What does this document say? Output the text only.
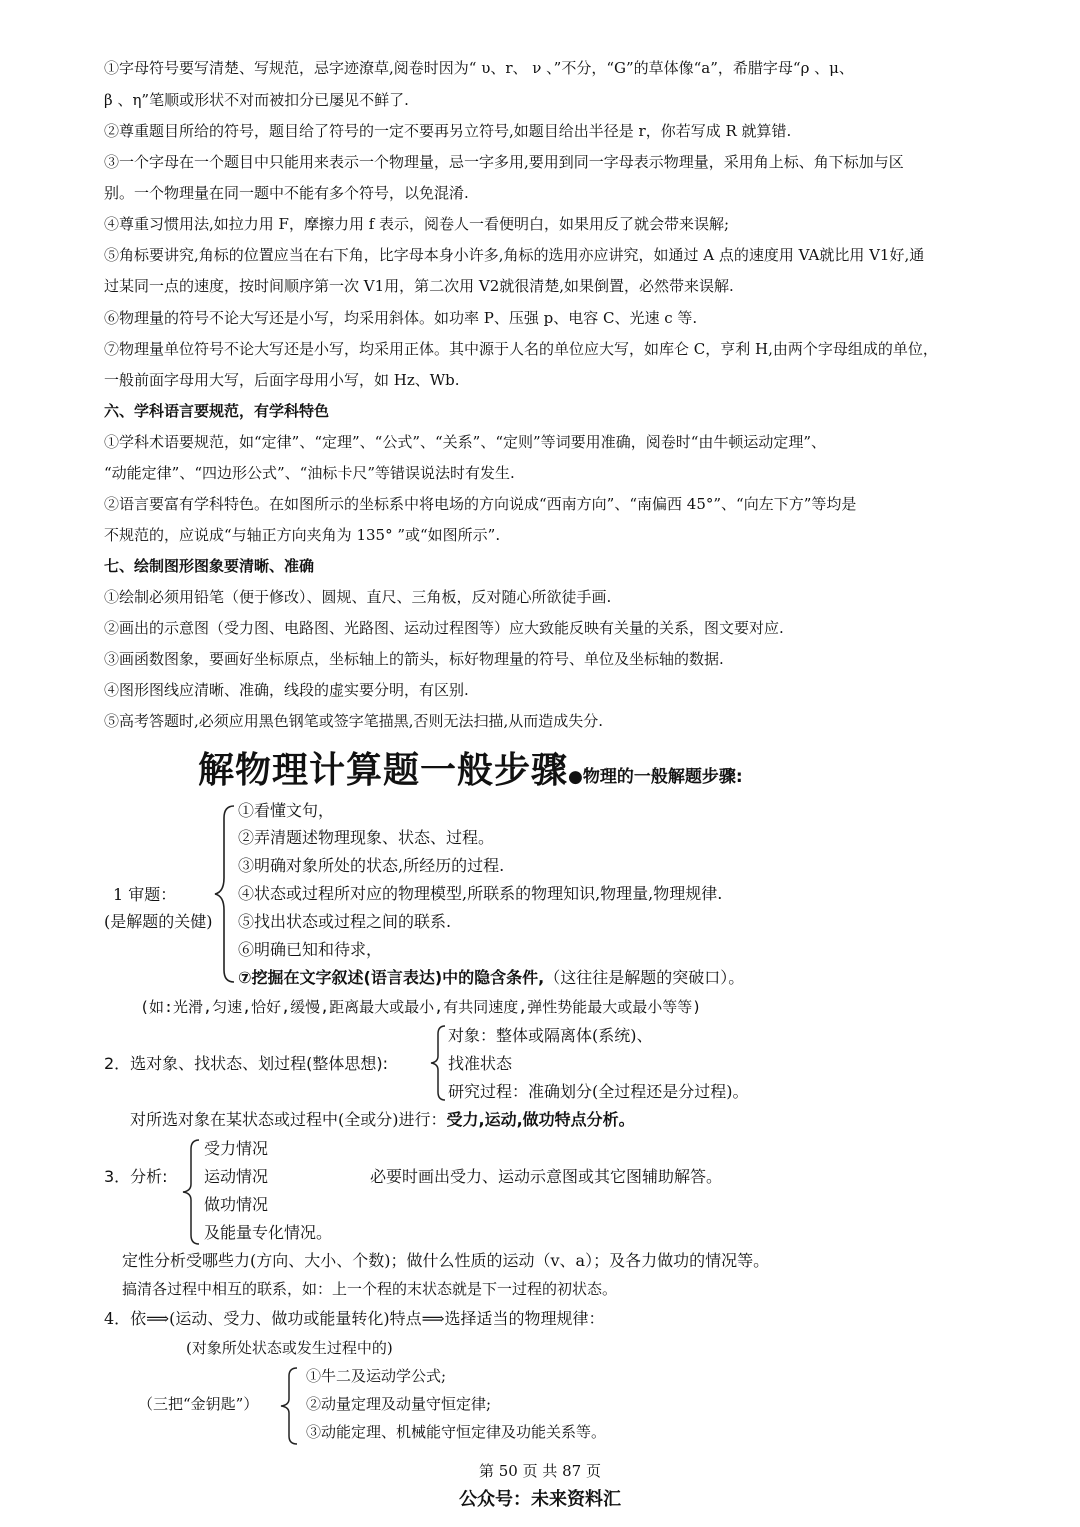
①字母符号要写清楚、写规范，忌字迹潦草,阅卷时因为“ υ、r、 ν 、”不分，“G”的草体像“a”，希腊字母“ρ 、μ、
β 、η”笔顺或形状不对而被扣分已屡见不鲜了.
②尊重题目所给的符号，题目给了符号的一定不要再另立符号,如题目给出半径是 r，你若写成 R 就算错.
③一个字母在一个题目中只能用来表示一个物理量，忌一字多用,要用到同一字母表示物理量，采用角上标、角下标加与区
别。一个物理量在同一题中不能有多个符号，以免混淆.
④尊重习惯用法,如拉力用 F，摩擦力用 f 表示，阅卷人一看便明白，如果用反了就会带来误解;
⑤角标要讲究,角标的位置应当在右下角，比字母本身小许多,角标的选用亦应讲究，如通过 A 点的速度用 VA就比用 V1好,通
过某同一点的速度，按时间顺序第一次 V1用，第二次用 V2就很清楚,如果倒置，必然带来误解.
⑥物理量的符号不论大写还是小写，均采用斜体。如功率 P、压强 p、电容 C、光速 c 等.
⑦物理量单位符号不论大写还是小写，均采用正体。其中源于人名的单位应大写，如库仑 C，亨利 H,由两个字母组成的单位，
一般前面字母用大写，后面字母用小写，如 Hz、Wb.
六、学科语言要规范，有学科特色
①学科术语要规范，如“定律”、“定理”、“公式”、“关系”、“定则”等词要用准确，阅卷时“由牛顿运动定理”、
“动能定律”、“四边形公式”、“油标卡尺”等错误说法时有发生.
②语言要富有学科特色。在如图所示的坐标系中将电场的方向说成“西南方向”、“南偏西 45°”、“向左下方”等均是
不规范的，应说成“与轴正方向夹角为 135° ”或“如图所示”.
七、绘制图形图象要清晰、准确
①绘制必须用铅笔（便于修改）、圆规、直尺、三角板，反对随心所欲徒手画.
②画出的示意图（受力图、电路图、光路图、运动过程图等）应大致能反映有关量的关系，图文要对应.
③画函数图象，要画好坐标原点，坐标轴上的箭头，标好物理量的符号、单位及坐标轴的数据.
④图形图线应清晰、准确，线段的虚实要分明，有区别.
⑤高考答题时,必须应用黑色钢笔或签字笔描黑,否则无法扫描,从而造成失分.
解物理计算题一般步骤●物理的一般解题步骤:
1 审题：
(是解题的关健)
①看懂文句，
②弄清题述物理现象、状态、过程。
③明确对象所处的状态,所经历的过程.
④状态或过程所对应的物理模型,所联系的物理知识,物理量,物理规律.
⑤找出状态或过程之间的联系.
⑥明确已知和待求，
⑦挖掘在文字叙述(语言表达)中的隐含条件,（这往往是解题的突破口）。
(如:光滑,匀速,恰好,缓慢,距离最大或最小,有共同速度,弹性势能最大或最小等等)
2．选对象、找状态、划过程(整体思想):
对象：整体或隔离体(系统)、
找准状态
研究过程：准确划分(全过程还是分过程)。
对所选对象在某状态或过程中(全或分)进行：受力,运动,做功特点分析。
3．分析:
受力情况
运动情况
做功情况
及能量专化情况。
必要时画出受力、运动示意图或其它图辅助解答。
定性分析受哪些力(方向、大小、个数)；做什么性质的运动（v、a）；及各力做功的情况等。
搞清各过程中相互的联系，如：上一个程的末状态就是下一过程的初状态。
4．依⟹(运动、受力、做功或能量转化)特点⟹选择适当的物理规律：
(对象所处状态或发生过程中的)
（三把“金钥匙”）
①牛二及运动学公式;
②动量定理及动量守恒定律;
③动能定理、机械能守恒定律及功能关系等。
第 50 页 共 87 页
公众号：未来资料汇
